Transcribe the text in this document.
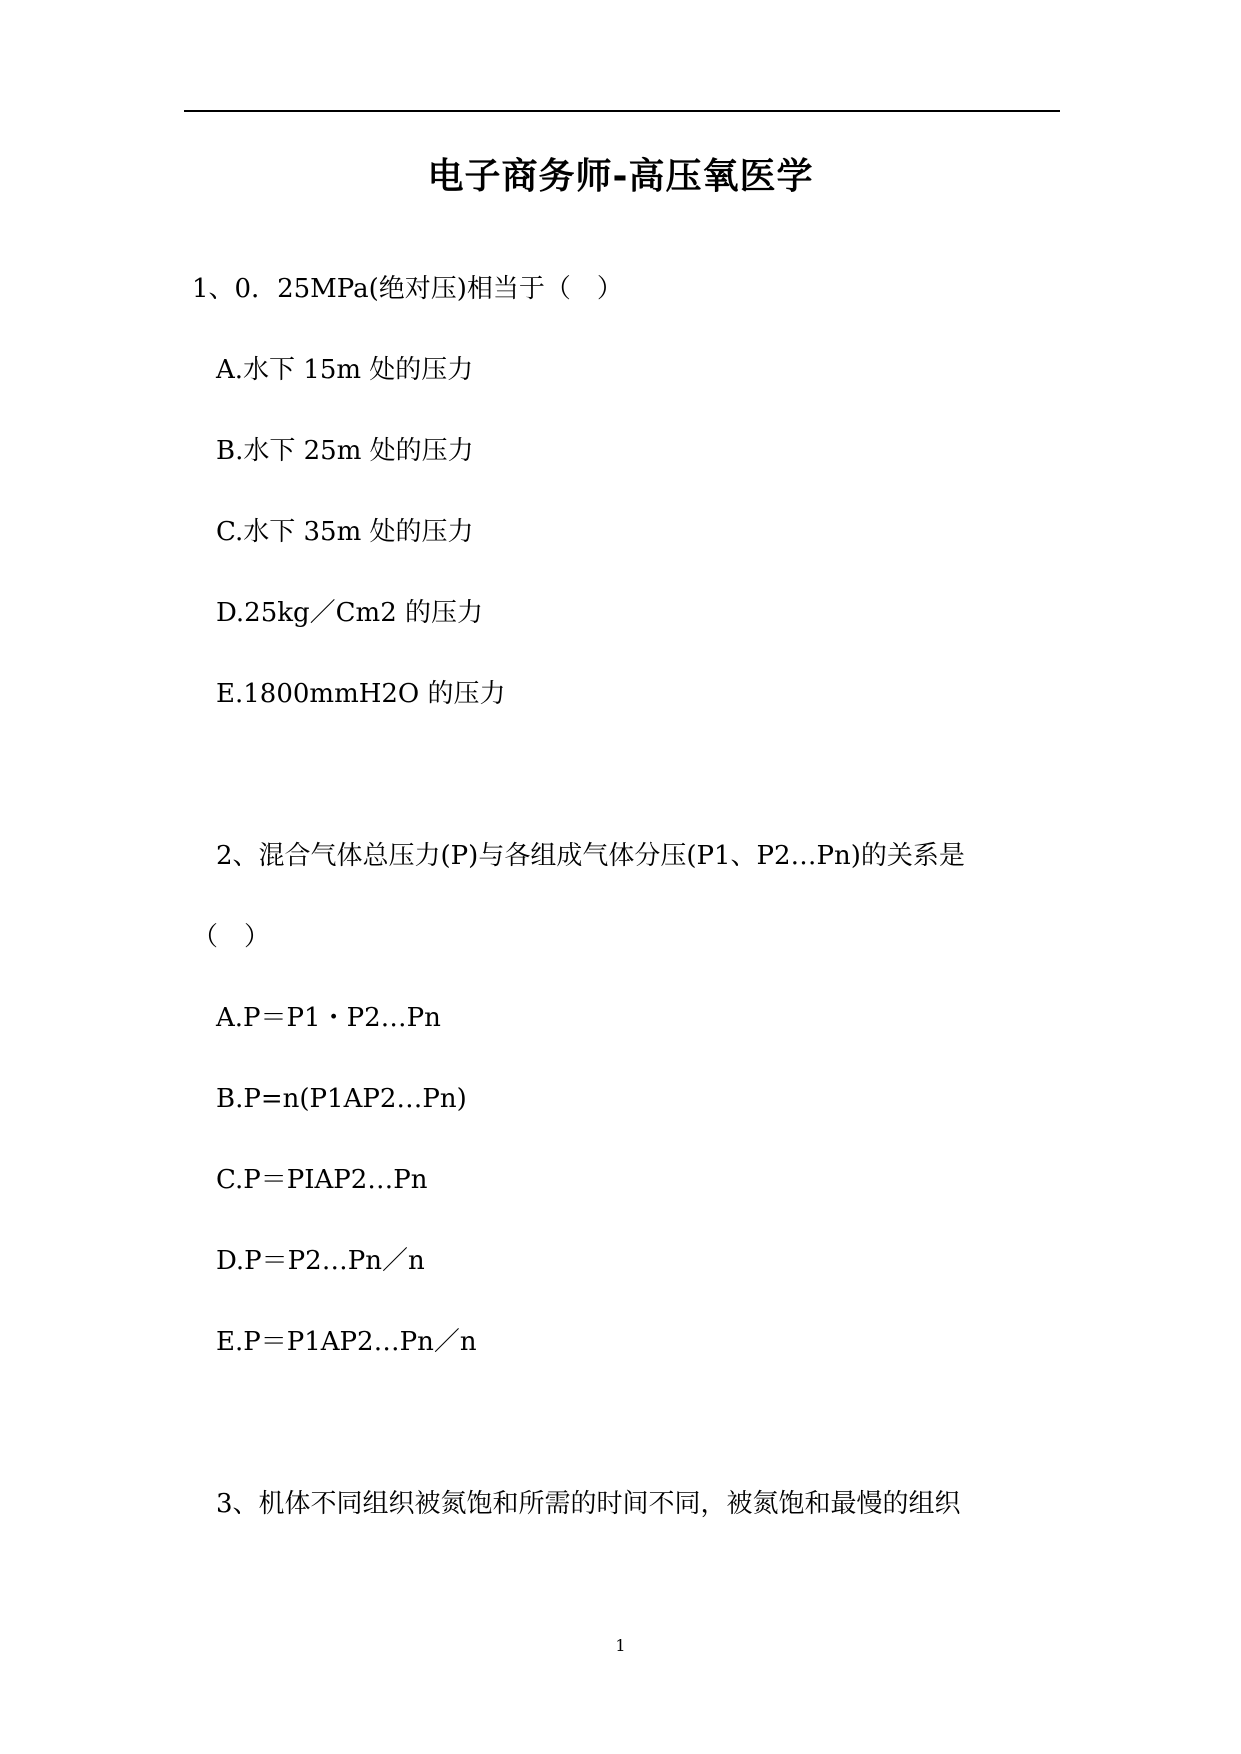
电子商务师-高压氧医学
1、0．25MPa(绝对压)相当于（　）
A.水下 15m 处的压力
B.水下 25m 处的压力
C.水下 35m 处的压力
D.25kg／Cm2 的压力
E.1800mmH2O 的压力
2、混合气体总压力(P)与各组成气体分压(P1、P2…Pn)的关系是
（　）
A.P＝P1・P2…Pn
B.P=n(P1AP2…Pn)
C.P＝PIAP2…Pn
D.P＝P2…Pn／n
E.P＝P1AP2…Pn／n
3、机体不同组织被氮饱和所需的时间不同，被氮饱和最慢的组织
1
